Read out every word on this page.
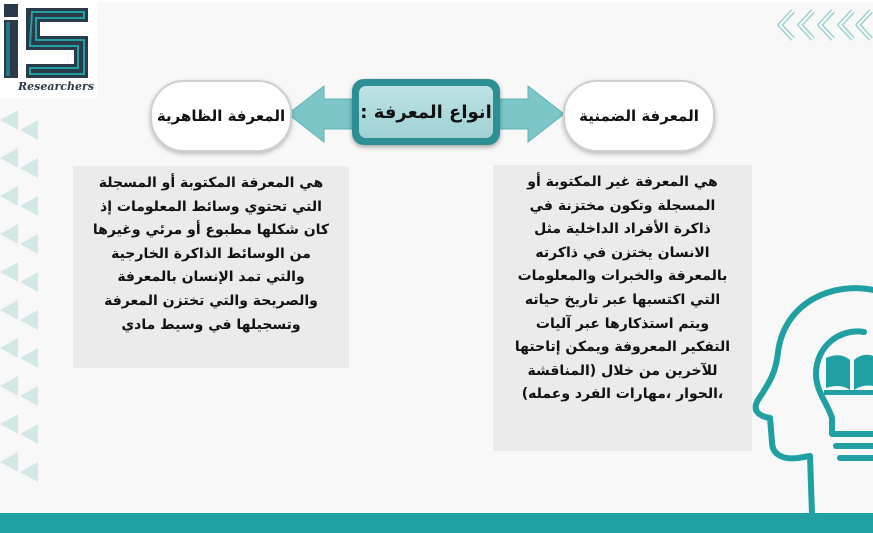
Researchers
انواع المعرفة :
المعرفة الظاهرية	المعرفة الضمنية
هي المعرفة المكتوبة أو المسجلة
التي تحتوي وسائط المعلومات إذ
كان شكلها مطبوع أو مرئي وغيرها
من الوسائط الذاكرة الخارجية
والتي تمد الإنسان بالمعرفة
والصريحة والتي تختزن المعرفة
وتسجيلها في وسيط مادي
هي المعرفة غير المكتوبة أو
المسجلة وتكون مختزنة في
ذاكرة الأفراد الداخلية مثل
الانسان يختزن في ذاكرته
بالمعرفة والخبرات والمعلومات
التي اكتسبها عبر تاريخ حياته
ويتم استذكارها عبر آليات
التفكير المعروفة ويمكن إتاحتها
للآخرين من خلال (المناقشة
،الحوار ،مهارات الفرد وعمله)
